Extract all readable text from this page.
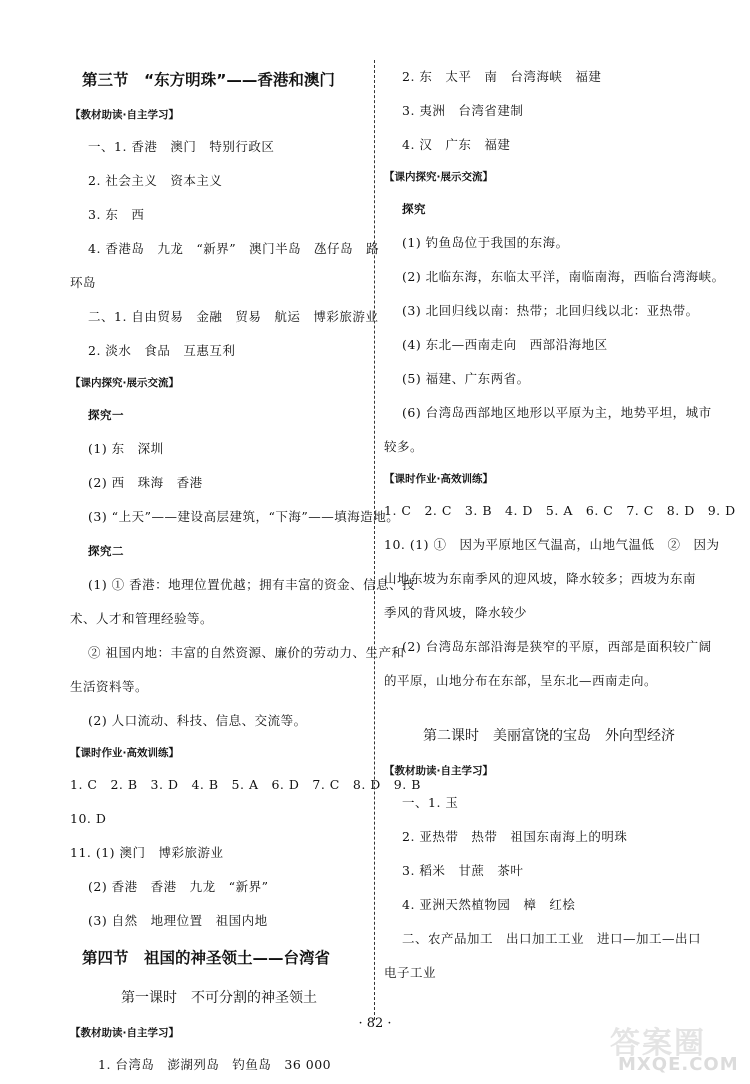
第三节　“东方明珠”——香港和澳门
【教材助读·自主学习】
一、1. 香港　澳门　特别行政区
2. 社会主义　资本主义
3. 东　西
4. 香港岛　九龙　“新界”　澳门半岛　氹仔岛　路
环岛
二、1. 自由贸易　金融　贸易　航运　博彩旅游业
2. 淡水　食品　互惠互利
【课内探究·展示交流】
探究一
(1) 东　深圳
(2) 西　珠海　香港
(3) “上天”——建设高层建筑，“下海”——填海造地。
探究二
(1) ① 香港：地理位置优越；拥有丰富的资金、信息、技
术、人才和管理经验等。
② 祖国内地：丰富的自然资源、廉价的劳动力、生产和
生活资料等。
(2) 人口流动、科技、信息、交流等。
【课时作业·高效训练】
1. C　2. B　3. D　4. B　5. A　6. D　7. C　8. D　9. B
10. D
11. (1) 澳门　博彩旅游业
(2) 香港　香港　九龙　“新界”
(3) 自然　地理位置　祖国内地
第四节　祖国的神圣领土——台湾省
第一课时　不可分割的神圣领土
【教材助读·自主学习】
1. 台湾岛　澎湖列岛　钓鱼岛　36 000
2. 东　太平　南　台湾海峡　福建
3. 夷洲　台湾省建制
4. 汉　广东　福建
【课内探究·展示交流】
探究
(1) 钓鱼岛位于我国的东海。
(2) 北临东海，东临太平洋，南临南海，西临台湾海峡。
(3) 北回归线以南：热带；北回归线以北：亚热带。
(4) 东北—西南走向　西部沿海地区
(5) 福建、广东两省。
(6) 台湾岛西部地区地形以平原为主，地势平坦，城市
较多。
【课时作业·高效训练】
1. C　2. C　3. B　4. D　5. A　6. C　7. C　8. D　9. D
10. (1) ①　因为平原地区气温高，山地气温低　②　因为
山地东坡为东南季风的迎风坡，降水较多；西坡为东南
季风的背风坡，降水较少
(2) 台湾岛东部沿海是狭窄的平原，西部是面积较广阔
的平原，山地分布在东部，呈东北—西南走向。
第二课时　美丽富饶的宝岛　外向型经济
【教材助读·自主学习】
一、1. 玉
2. 亚热带　热带　祖国东南海上的明珠
3. 稻米　甘蔗　茶叶
4. 亚洲天然植物园　樟　红桧
二、农产品加工　出口加工工业　进口—加工—出口
电子工业
· 82 ·
答案圈
MXQE.COM
